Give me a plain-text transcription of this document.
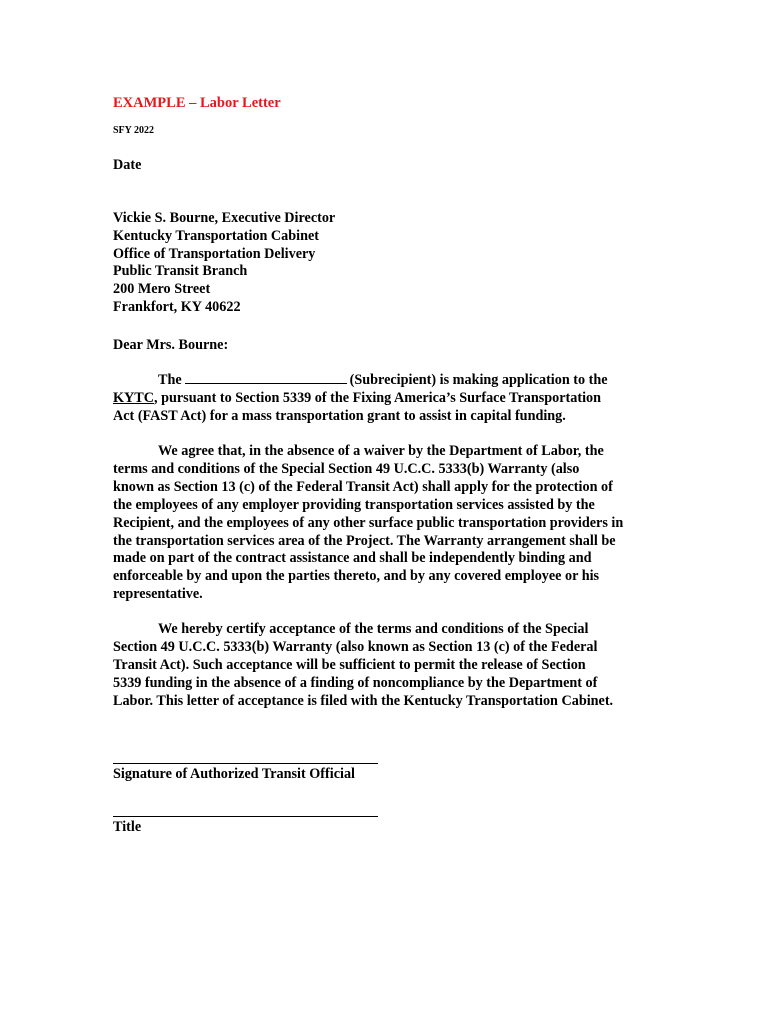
EXAMPLE – Labor Letter
SFY 2022
Date
Vickie S. Bourne, Executive Director
Kentucky Transportation Cabinet
Office of Transportation Delivery
Public Transit Branch
200 Mero Street
Frankfort, KY 40622
Dear Mrs. Bourne:
The	(Subrecipient) is making application to the
KYTC, pursuant to Section 5339 of the Fixing America’s Surface Transportation
Act (FAST Act) for a mass transportation grant to assist in capital funding.
We agree that, in the absence of a waiver by the Department of Labor, the
terms and conditions of the Special Section 49 U.C.C. 5333(b) Warranty (also
known as Section 13 (c) of the Federal Transit Act) shall apply for the protection of
the employees of any employer providing transportation services assisted by the
Recipient, and the employees of any other surface public transportation providers in
the transportation services area of the Project. The Warranty arrangement shall be
made on part of the contract assistance and shall be independently binding and
enforceable by and upon the parties thereto, and by any covered employee or his
representative.
We hereby certify acceptance of the terms and conditions of the Special
Section 49 U.C.C. 5333(b) Warranty (also known as Section 13 (c) of the Federal
Transit Act). Such acceptance will be sufficient to permit the release of Section
5339 funding in the absence of a finding of noncompliance by the Department of
Labor. This letter of acceptance is filed with the Kentucky Transportation Cabinet.
Signature of Authorized Transit Official
Title
